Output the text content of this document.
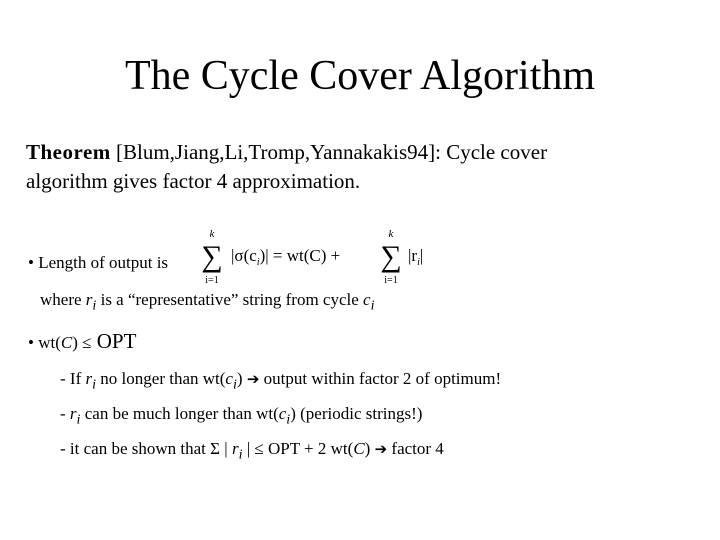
The Cycle Cover Algorithm
Theorem [Blum,Jiang,Li,Tromp,Yannakakis94]: Cycle cover
algorithm gives factor 4 approximation.
• Length of output is
k
∑
i=1
$|\sigma(c_i)| = wt(C)$ +
k
∑
i=1
$|r_i|$
where $r_i$ is a “representative” string from cycle $c_i$
• wt(C) ≤ OPT
- If $r_i$ no longer than $wt(c_i)$ ➔ output within factor 2 of optimum!
- $r_i$ can be much longer than $wt(c_i)$ (periodic strings!)
- it can be shown that Σ | $r_i$ | ≤ OPT + 2 wt(C) ➔ factor 4
